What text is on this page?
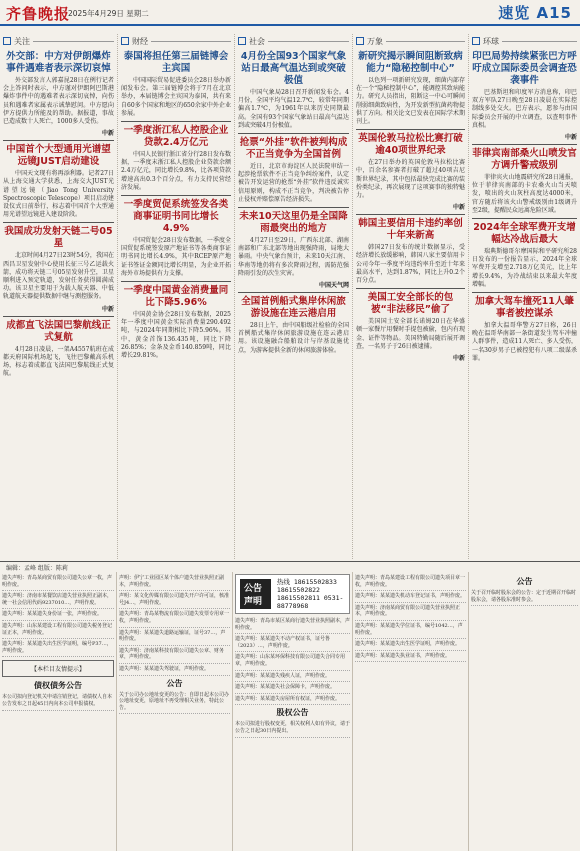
齐鲁晚报
2025年4月29日 星期二	速览 A15
关注
外交部：中方对伊朗爆炸事件遇难者表示深切哀悼
外交部发言人郭嘉昆28日在例行记者会上答问时表示，中方谨对伊朗阿巴斯港爆炸事件中的遇难者表示深切哀悼，向伤员和遇难者家属表示诚挚慰问。中方愿向伊方提供力所能及的帮助。据报道，事故已造成数十人死亡，1000多人受伤。
中新
中国首个大型通用光谱望远镜JUST启动建设
中国天文现有将再添利器。记者27日从上海交通大学获悉，上海交大JUST光谱望远镜（Jiao Tong University Spectroscopic Telescope）项目启动建设仪式日前举行，标志着中国首个大型通用光谱望远镜进入建设阶段。
我国成功发射天链二号05星
北京时间4月27日23时54分，我国在西昌卫星发射中心使用长征三号乙运载火箭，成功将天链二号05星发射升空，卫星顺利进入预定轨道，发射任务获得圆满成功。该卫星主要用于为载人航天器、中低轨道航天器提供数据中继与测控服务。
中新
成都直飞法国巴黎航线正式复航
4月28日凌晨，一架A4557航班在成都天府国际机场起飞，飞往巴黎戴高乐机场，标志着成都直飞法国巴黎航线正式复航。
财经
泰国将担任第三届链博会主宾国
中国国际贸易促进委员会28日举办新闻发布会。第三届链博会将于7月在北京举办，本届链博会主宾国为泰国，共有来自60多个国家和地区的650余家中外企业参展。
一季度浙江私人控股企业贷款2.4万亿元
中国人民银行浙江省分行28日发布数据，一季度末浙江私人控股企业贷款余额2.4万亿元，同比增长9.8%，比各项贷款增速高出0.3个百分点，有力支持民营经济发展。
一季度贸促系统签发各类商事证明书同比增长4.9%
中国贸促会28日发布数据，一季度全国贸促系统签发原产地证书等各类商事证明书同比增长4.9%，其中RCEP原产地证书签证金额同比增长明显，为企业开拓海外市场提供有力支撑。
一季度中国黄金消费量同比下降5.96%
中国黄金协会28日发布数据，2025年一季度中国黄金实际消费量290.492吨，与2024年同期相比下降5.96%。其中，黄金首饰136.435吨，同比下降26.85%；金条及金币140.859吨，同比增长29.81%。
社会
4月份全国93个国家气象站日最高气温达到或突破极值
中国气象局28日召开新闻发布会。4月份，全国平均气温12.7℃，较常年同期偏高1.7℃，为1961年以来历史同期最高。全国有93个国家气象站日最高气温达到或突破4月份极值。
抢票“外挂”软件被判构成不正当竞争为全国首例
近日，北京市海淀区人民法院审结一起涉抢票软件不正当竞争纠纷案件，认定被告开发运营的抢票“外挂”软件违反诚实信用原则，构成不正当竞争，判决被告停止侵权并赔偿原告经济损失。
未来10天这里仍是全国降雨最突出的地方
4月27日至29日，广西东北部、湖南南部和广东北部等地出现强降雨，局地大暴雨。中央气象台预计，未来10天江南、华南等地仍将有多次降雨过程，需防范强降雨引发的次生灾害。
中国天气网
全国首例船式集岸休闲旅游设施在连云港启用
28日上午，由中国船级社检验的全国首例船式集岸休闲旅游设施在连云港启用。该设施融合船舶设计与岸基设施优点，为游客提供全新的休闲旅游体验。
万象
新研究揭示瞬间阻断致病能力“隐秘控制中心”
以色列一项新研究发现，细菌内部存在一个“隐秘控制中心”，能调控其致病能力。研究人员指出，阻断这一中心可瞬间削弱细菌致病性，为开发新型抗菌药物提供了方向。相关论文已发表在国际学术期刊上。
英国伦敦马拉松比赛打破逾40项世界纪录
在27日举办的英国伦敦马拉松比赛中，百余名参赛者打破了超过40项吉尼斯世界纪录，其中包括最快完成比赛的装扮类纪录，再次展现了这项赛事的独特魅力。
中新
韩国主要信用卡违约率创十年来新高
韩国27日发布的统计数据显示，受经济增长放缓影响，韩国八家主要信用卡公司今年一季度平均违约率升至近十年来最高水平，达到1.87%，同比上升0.2个百分点。
美国工安全部长的包被“非法移民”偷了
美国国土安全部长诺姆20日在华盛顿一家餐厅用餐时手提包被偷，包内有现金、证件等物品。美国特勤局随后展开调查，一名男子于26日被逮捕。
中新
环球
印巴局势持续紧张巴方呼吁成立国际委员会调查恐袭事件
巴基斯坦和印度军方消息称，印巴双方军队27日晚至28日凌晨在实际控制线多处交火。巴方表示，愿参与由国际委员会开展的中立调查，以查明事件真相。
中新
菲律宾南部桑火山喷发官方调升警戒级别
菲律宾火山地震研究所28日通报，位于菲律宾南部的卡农桑火山当天喷发，喷出的火山灰柱高度达4000米，官方随后将该火山警戒级别由1级调升至2级，提醒民众远离危险区域。
2024年全球军费开支增幅达冷战后最大
瑞典斯德哥尔摩国际和平研究所28日发布的一份报告显示，2024年全球军费开支增至2.718万亿美元，比上年增长9.4%，为冷战结束以来最大年度增幅。
加拿大驾车撞死11人肇事者被控谋杀
加拿大温哥华警方27日称，26日晚在温哥华南部一条街道发生驾车冲撞人群事件，造成11人死亡、多人受伤，一名30岁男子已被控犯有八项二级谋杀罪。
编辑：孟峰 组版：陈莉
遗失声明：青岛某商贸有限公司遗失公章一枚，声明作废。
遗失声明：济南市某餐饮店遗失营业执照正副本，统一社会信用代码9237010…，声明作废。
遗失声明：某某遗失身份证一张，声明作废。
遗失声明：山东某建设工程有限公司遗失税务登记证正本，声明作废。
遗失声明：某某遗失出生医学证明，编号P37…，声明作废。
【本栏目友情提示】
债权债务公告
本公司拟向登记机关申请注销登记，请债权人自本公告发布之日起45日内向本公司申报债权。
声明：伊宁工业园区某个体户遗失营业执照正副本，声明作废。
声明：某文化传媒有限公司遗失开户许可证，核准号J4…，声明作废。
遗失声明：青岛某物流有限公司遗失发票专用章一枚，声明作废。
遗失声明：某某遗失道路运输证，证号37…，声明作废。
遗失声明：济南某科技有限公司遗失公章、财务章，声明作废。
遗失声明：某某遗失驾驶证，声明作废。
公告
关于公司办公地址变更的公告：自即日起本公司办公地址变更，原地址不再受理相关业务，特此公告。
公告声明
热线 18615502833 18615502822
18615502811 0531-88778968
遗失声明：青岛市某区某商行遗失营业执照副本，声明作废。
遗失声明：某某遗失不动产权证书，证号鲁（2023）…，声明作废。
遗失声明：山东某环保科技有限公司遗失合同专用章，声明作废。
遗失声明：某某遗失残疾人证，声明作废。
遗失声明：某某遗失社会保障卡，声明作废。
遗失声明：某某遗失房屋所有权证，声明作废。
股权公告
本公司拟进行股权变更，相关权利人如有异议，请于公告之日起30日内提出。
遗失声明：青岛某建设工程有限公司遗失项目章一枚，声明作废。
遗失声明：某某遗失机动车登记证书，声明作废。
遗失声明：济南某商贸有限公司遗失营业执照正本，声明作废。
遗失声明：某某遗失学位证书，编号1042…，声明作废。
遗失声明：某某遗失出生医学证明，声明作废。
遗失声明：某某遗失执业证书，声明作废。
公告
关于召开临时股东会的公告：定于近期召开临时股东会，请各股东准时参会。
